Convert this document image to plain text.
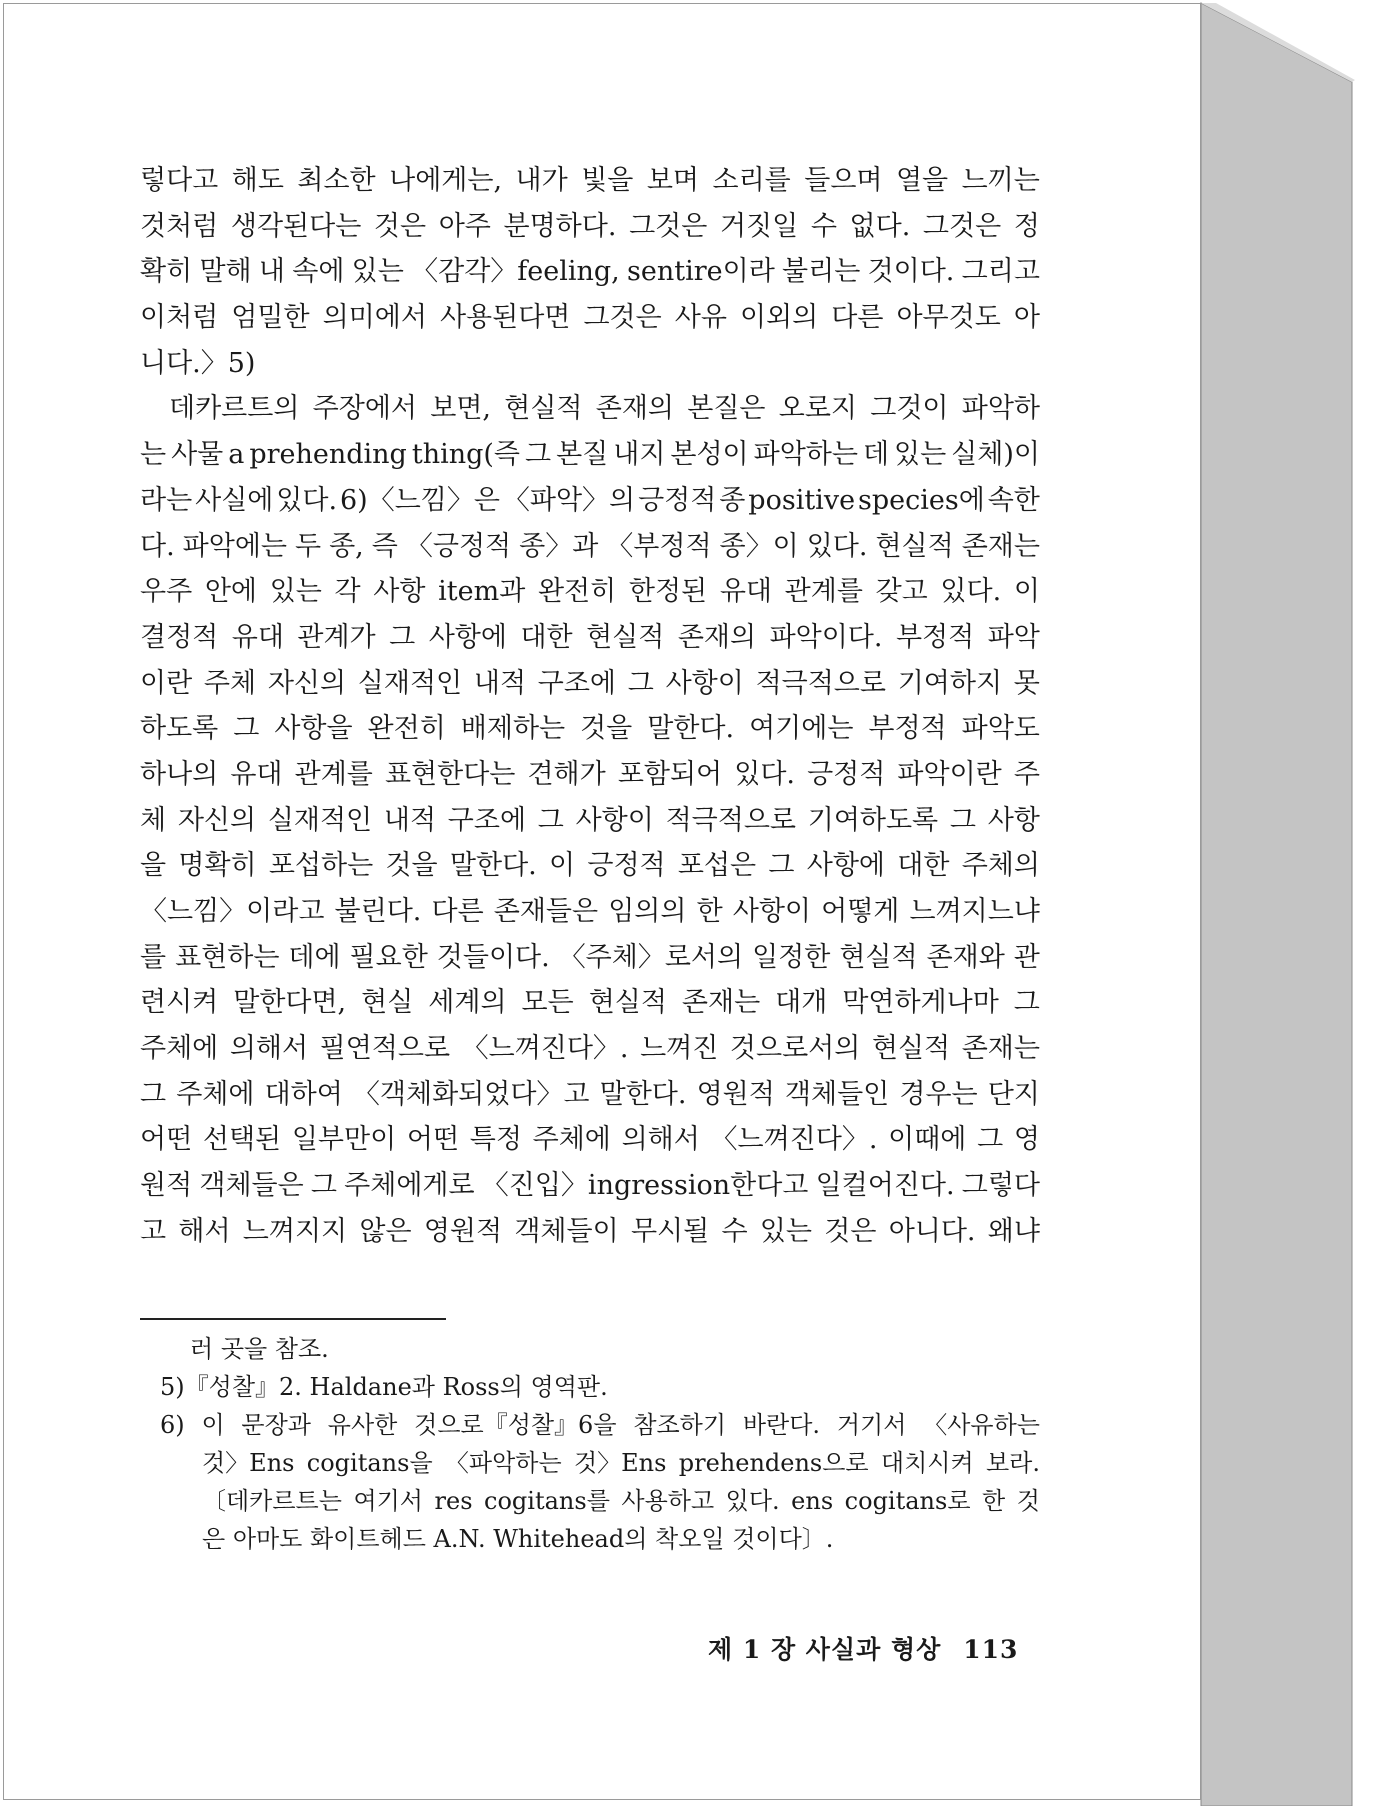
렇다고 해도 최소한 나에게는, 내가 빛을 보며 소리를 들으며 열을 느끼는
것처럼 생각된다는 것은 아주 분명하다. 그것은 거짓일 수 없다. 그것은 정
확히 말해 내 속에 있는 〈감각〉feeling, sentire이라 불리는 것이다. 그리고
이처럼 엄밀한 의미에서 사용된다면 그것은 사유 이외의 다른 아무것도 아
니다.〉5)
데카르트의 주장에서 보면, 현실적 존재의 본질은 오로지 그것이 파악하
는 사물 a prehending thing(즉 그 본질 내지 본성이 파악하는 데 있는 실체)이
라는 사실에 있다. 6)〈느낌〉은 〈파악〉의 긍정적 종 positive species에 속한
다. 파악에는 두 종, 즉 〈긍정적 종〉과 〈부정적 종〉이 있다. 현실적 존재는
우주 안에 있는 각 사항 item과 완전히 한정된 유대 관계를 갖고 있다. 이
결정적 유대 관계가 그 사항에 대한 현실적 존재의 파악이다. 부정적 파악
이란 주체 자신의 실재적인 내적 구조에 그 사항이 적극적으로 기여하지 못
하도록 그 사항을 완전히 배제하는 것을 말한다. 여기에는 부정적 파악도
하나의 유대 관계를 표현한다는 견해가 포함되어 있다. 긍정적 파악이란 주
체 자신의 실재적인 내적 구조에 그 사항이 적극적으로 기여하도록 그 사항
을 명확히 포섭하는 것을 말한다. 이 긍정적 포섭은 그 사항에 대한 주체의
〈느낌〉이라고 불린다. 다른 존재들은 임의의 한 사항이 어떻게 느껴지느냐
를 표현하는 데에 필요한 것들이다. 〈주체〉로서의 일정한 현실적 존재와 관
련시켜 말한다면, 현실 세계의 모든 현실적 존재는 대개 막연하게나마 그
주체에 의해서 필연적으로 〈느껴진다〉. 느껴진 것으로서의 현실적 존재는
그 주체에 대하여 〈객체화되었다〉고 말한다. 영원적 객체들인 경우는 단지
어떤 선택된 일부만이 어떤 특정 주체에 의해서 〈느껴진다〉. 이때에 그 영
원적 객체들은 그 주체에게로 〈진입〉ingression한다고 일컬어진다. 그렇다
고 해서 느껴지지 않은 영원적 객체들이 무시될 수 있는 것은 아니다. 왜냐
러 곳을 참조.
5)『성찰』2. Haldane과 Ross의 영역판.
6) 이 문장과 유사한 것으로『성찰』6을 참조하기 바란다. 거기서 〈사유하는
것〉Ens cogitans을 〈파악하는 것〉Ens prehendens으로 대치시켜 보라.
〔데카르트는 여기서 res cogitans를 사용하고 있다. ens cogitans로 한 것
은 아마도 화이트헤드 A.N. Whitehead의 착오일 것이다〕.
제 1 장 사실과 형상 113
